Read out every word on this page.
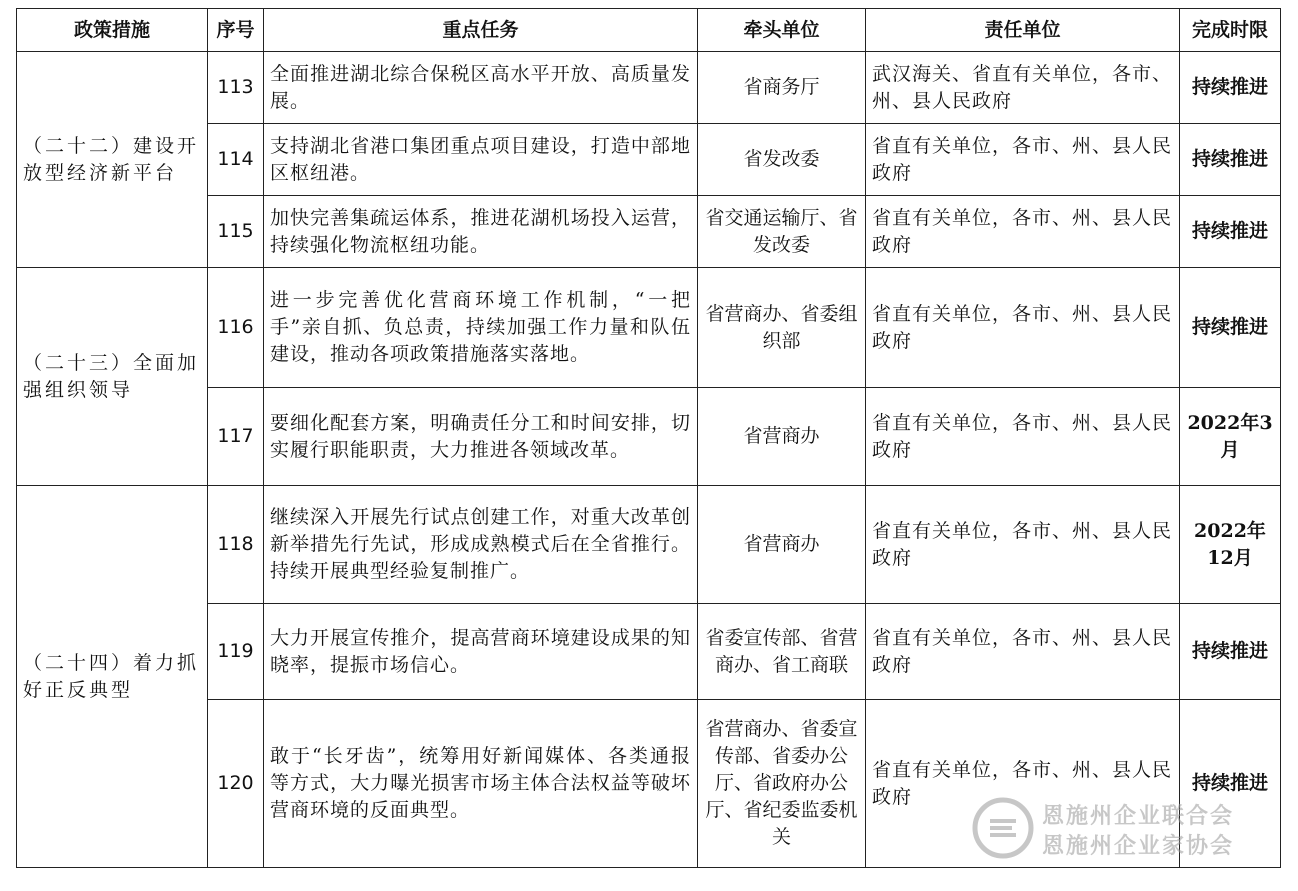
政策措施	序号	重点任务	牵头单位	责任单位	完成时限
（二十二）建设开放型经济新平台	113	全面推进湖北综合保税区高水平开放、高质量发展。	省商务厅	武汉海关、省直有关单位，各市、州、县人民政府	持续推进
	114	支持湖北省港口集团重点项目建设，打造中部地区枢纽港。	省发改委	省直有关单位，各市、州、县人民政府	持续推进
	115	加快完善集疏运体系，推进花湖机场投入运营，持续强化物流枢纽功能。	省交通运输厅、省发改委	省直有关单位，各市、州、县人民政府	持续推进
（二十三）全面加强组织领导	116	进一步完善优化营商环境工作机制，“一把手”亲自抓、负总责，持续加强工作力量和队伍建设，推动各项政策措施落实落地。	省营商办、省委组织部	省直有关单位，各市、州、县人民政府	持续推进
	117	要细化配套方案，明确责任分工和时间安排，切实履行职能职责，大力推进各领域改革。	省营商办	省直有关单位，各市、州、县人民政府	2022年3月
（二十四）着力抓好正反典型	118	继续深入开展先行试点创建工作，对重大改革创新举措先行先试，形成成熟模式后在全省推行。持续开展典型经验复制推广。	省营商办	省直有关单位，各市、州、县人民政府	2022年12月
	119	大力开展宣传推介，提高营商环境建设成果的知晓率，提振市场信心。	省委宣传部、省营商办、省工商联	省直有关单位，各市、州、县人民政府	持续推进
	120	敢于“长牙齿”，统筹用好新闻媒体、各类通报等方式，大力曝光损害市场主体合法权益等破坏营商环境的反面典型。	省营商办、省委宣传部、省委办公厅、省政府办公厅、省纪委监委机关	省直有关单位，各市、州、县人民政府	持续推进
恩施州企业联合会
恩施州企业家协会
